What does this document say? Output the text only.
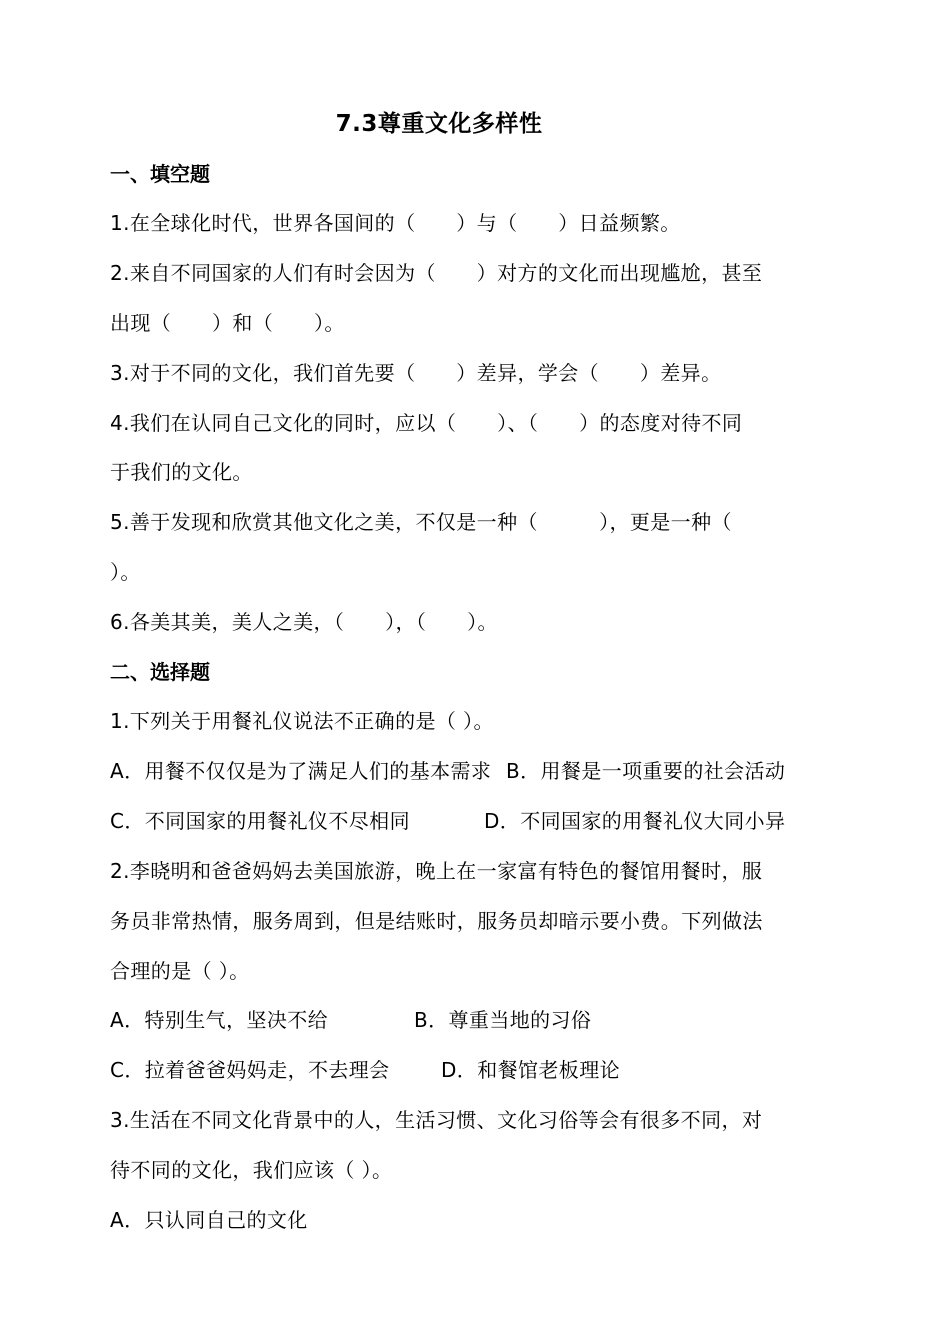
7.3尊重文化多样性
一、填空题
1.在全球化时代，世界各国间的（　　）与（　　）日益频繁。
2.来自不同国家的人们有时会因为（　　）对方的文化而出现尴尬，甚至
出现（　　）和（　　）。
3.对于不同的文化，我们首先要（　　）差异，学会（　　）差异。
4.我们在认同自己文化的同时，应以（　　）、（　　）的态度对待不同
于我们的文化。
5.善于发现和欣赏其他文化之美，不仅是一种（　　　），更是一种（
）。
6.各美其美，美人之美，（　　），（　　）。
二、选择题
1.下列关于用餐礼仪说法不正确的是（ ）。

A．用餐不仅仅是为了满足人们的基本需求

B．用餐是一项重要的社会活动

C．不同国家的用餐礼仪不尽相同

	D．不同国家的用餐礼仪大同小异

2.李晓明和爸爸妈妈去美国旅游，晚上在一家富有特色的餐馆用餐时，服
务员非常热情，服务周到，但是结账时，服务员却暗示要小费。下列做法
合理的是（ ）。

A．特别生气，坚决不给

	B．尊重当地的习俗

C．拉着爸爸妈妈走，不去理会

	D．和餐馆老板理论

3.生活在不同文化背景中的人，生活习惯、文化习俗等会有很多不同，对
待不同的文化，我们应该（ ）。
A．只认同自己的文化
